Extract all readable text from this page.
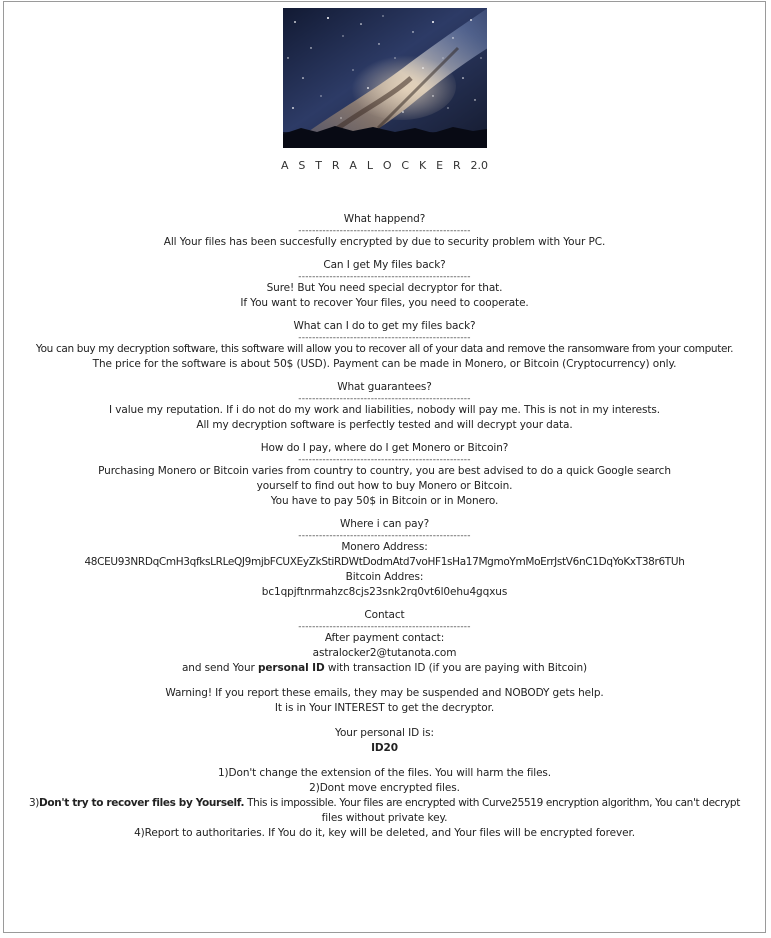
A S T R A L O C K E R 2.0
What happend?
--------------------------------------------------
All Your files has been succesfully encrypted by due to security problem with Your PC.
Can I get My files back?
--------------------------------------------------
Sure! But You need special decryptor for that.
If You want to recover Your files, you need to cooperate.
What can I do to get my files back?
--------------------------------------------------
You can buy my decryption software, this software will allow you to recover all of your data and remove the ransomware from your computer.
The price for the software is about 50$ (USD). Payment can be made in Monero, or Bitcoin (Cryptocurrency) only.
What guarantees?
--------------------------------------------------
I value my reputation. If i do not do my work and liabilities, nobody will pay me. This is not in my interests.
All my decryption software is perfectly tested and will decrypt your data.
How do I pay, where do I get Monero or Bitcoin?
--------------------------------------------------
Purchasing Monero or Bitcoin varies from country to country, you are best advised to do a quick Google search
yourself to find out how to buy Monero or Bitcoin.
You have to pay 50$ in Bitcoin or in Monero.
Where i can pay?
--------------------------------------------------
Monero Address:
48CEU93NRDqCmH3qfksLRLeQJ9mjbFCUXEyZkStiRDWtDodmAtd7voHF1sHa17MgmoYmMoErrJstV6nC1DqYoKxT38r6TUh
Bitcoin Addres:
bc1qpjftnrmahzc8cjs23snk2rq0vt6l0ehu4gqxus
Contact
--------------------------------------------------
After payment contact:
astralocker2@tutanota.com
and send Your personal ID with transaction ID (if you are paying with Bitcoin)
Warning! If you report these emails, they may be suspended and NOBODY gets help.
It is in Your INTEREST to get the decryptor.
Your personal ID is:
ID20
1)Don't change the extension of the files. You will harm the files.
2)Dont move encrypted files.
3)Don't try to recover files by Yourself. This is impossible. Your files are encrypted with Curve25519 encryption algorithm, You can't decrypt
files without private key.
4)Report to authoritaries. If You do it, key will be deleted, and Your files will be encrypted forever.
